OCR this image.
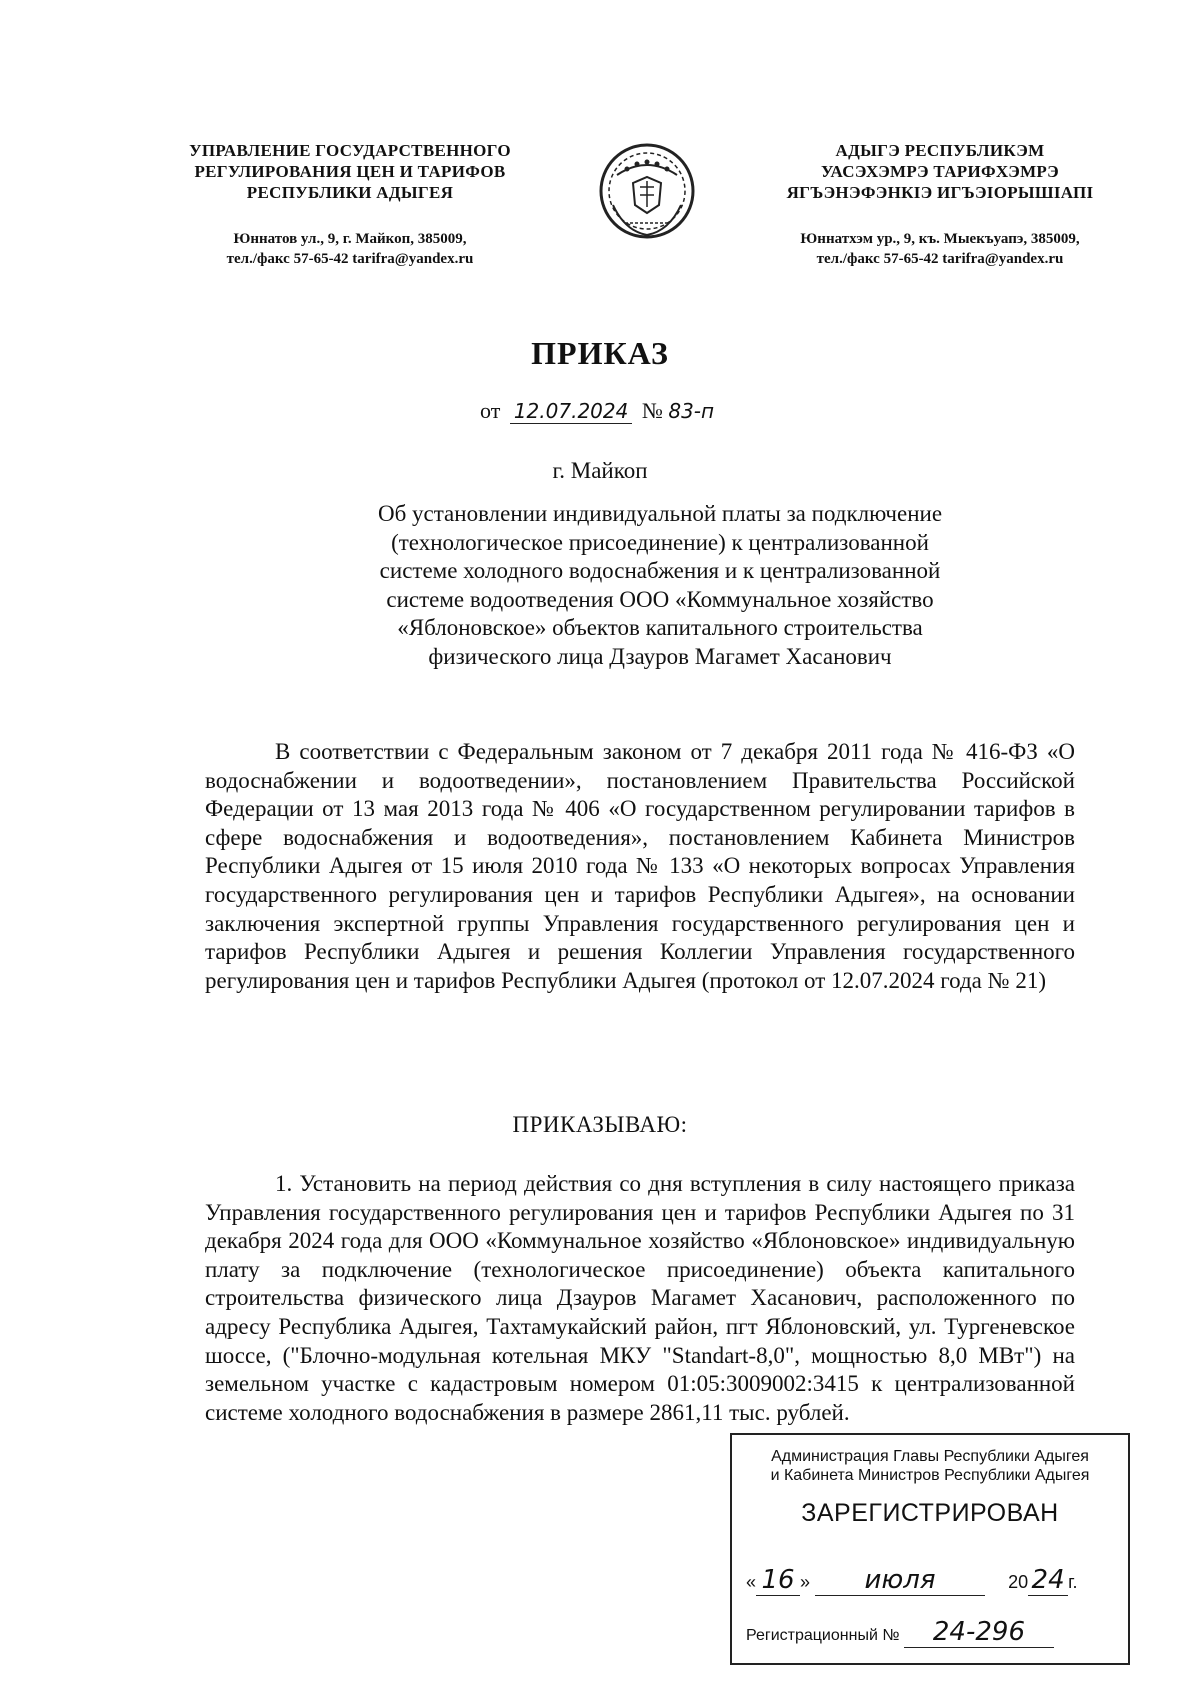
УПРАВЛЕНИЕ ГОСУДАРСТВЕННОГО
РЕГУЛИРОВАНИЯ ЦЕН И ТАРИФОВ
РЕСПУБЛИКИ АДЫГЕЯ
Юннатов ул., 9, г. Майкоп, 385009,
тел./факс 57-65-42 tarifra@yandex.ru
АДЫГЭ РЕСПУБЛИКЭМ
УАСЭХЭМРЭ ТАРИФХЭМРЭ
ЯГЪЭНЭФЭНКІЭ ИГЪЭІОРЫШІАПІ
Юннатхэм ур., 9, къ. Мыекъуапэ, 385009,
тел./факс 57-65-42 tarifra@yandex.ru
ПРИКАЗ
от 12.07.2024 № 83-п
г. Майкоп
Об установлении индивидуальной платы за подключение
(технологическое присоединение) к централизованной
системе холодного водоснабжения и к централизованной
системе водоотведения ООО «Коммунальное хозяйство
«Яблоновское» объектов капитального строительства
физического лица Дзауров Магамет Хасанович
В соответствии с Федеральным законом от 7 декабря 2011 года № 416-ФЗ «О водоснабжении и водоотведении», постановлением Правительства Российской Федерации от 13 мая 2013 года № 406 «О государственном регулировании тарифов в сфере водоснабжения и водоотведения», постановлением Кабинета Министров Республики Адыгея от 15 июля 2010 года № 133 «О некоторых вопросах Управления государственного регулирования цен и тарифов Республики Адыгея», на основании заключения экспертной группы Управления государственного регулирования цен и тарифов Республики Адыгея и решения Коллегии Управления государственного регулирования цен и тарифов Республики Адыгея (протокол от 12.07.2024 года № 21)
ПРИКАЗЫВАЮ:
1. Установить на период действия со дня вступления в силу настоящего приказа Управления государственного регулирования цен и тарифов Республики Адыгея по 31 декабря 2024 года для ООО «Коммунальное хозяйство «Яблоновское» индивидуальную плату за подключение (технологическое присоединение) объекта капитального строительства физического лица Дзауров Магамет Хасанович, расположенного по адресу Республика Адыгея, Тахтамукайский район, пгт Яблоновский, ул. Тургеневское шоссе, ("Блочно-модульная котельная МКУ "Standart-8,0", мощностью 8,0 МВт") на земельном участке с кадастровым номером 01:05:3009002:3415 к централизованной системе холодного водоснабжения в размере 2861,11 тыс. рублей.
Администрация Главы Республики Адыгея
и Кабинета Министров Республики Адыгея
ЗАРЕГИСТРИРОВАН
« 16 » июля	20 24 г.
Регистрационный № 24-296
